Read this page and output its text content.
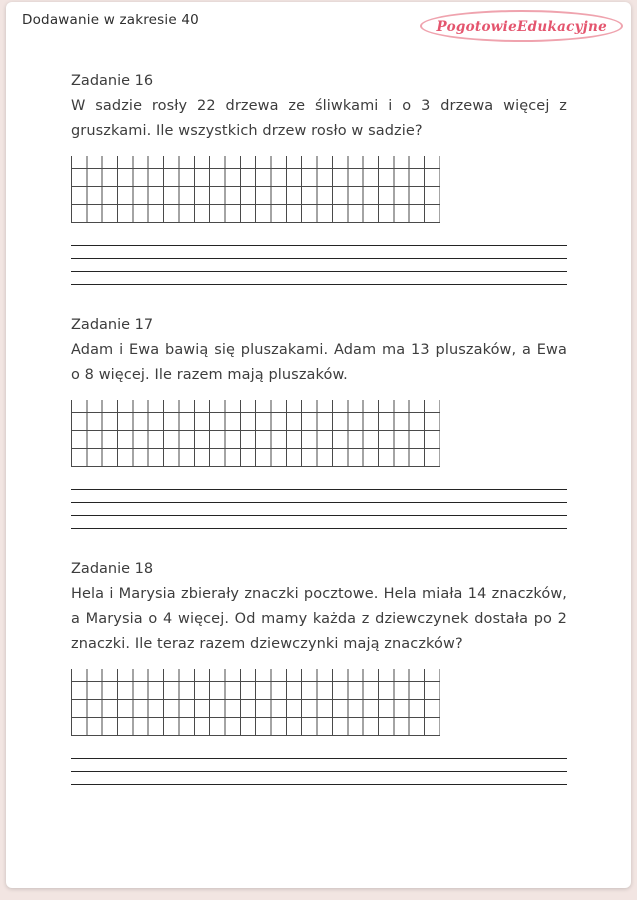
Dodawanie w zakresie 40	PogotowieEdukacyjne
Zadanie 16
W sadzie rosły 22 drzewa ze śliwkami i o 3 drzewa więcej z gruszkami. Ile wszystkich drzew rosło w sadzie?
Zadanie 17
Adam i Ewa bawią się pluszakami. Adam ma 13 pluszaków, a Ewa o 8 więcej. Ile razem mają pluszaków.
Zadanie 18
Hela i Marysia zbierały znaczki pocztowe. Hela miała 14 znaczków, a Marysia o 4 więcej. Od mamy każda z dziewczynek dostała po 2 znaczki. Ile teraz razem dziewczynki mają znaczków?
